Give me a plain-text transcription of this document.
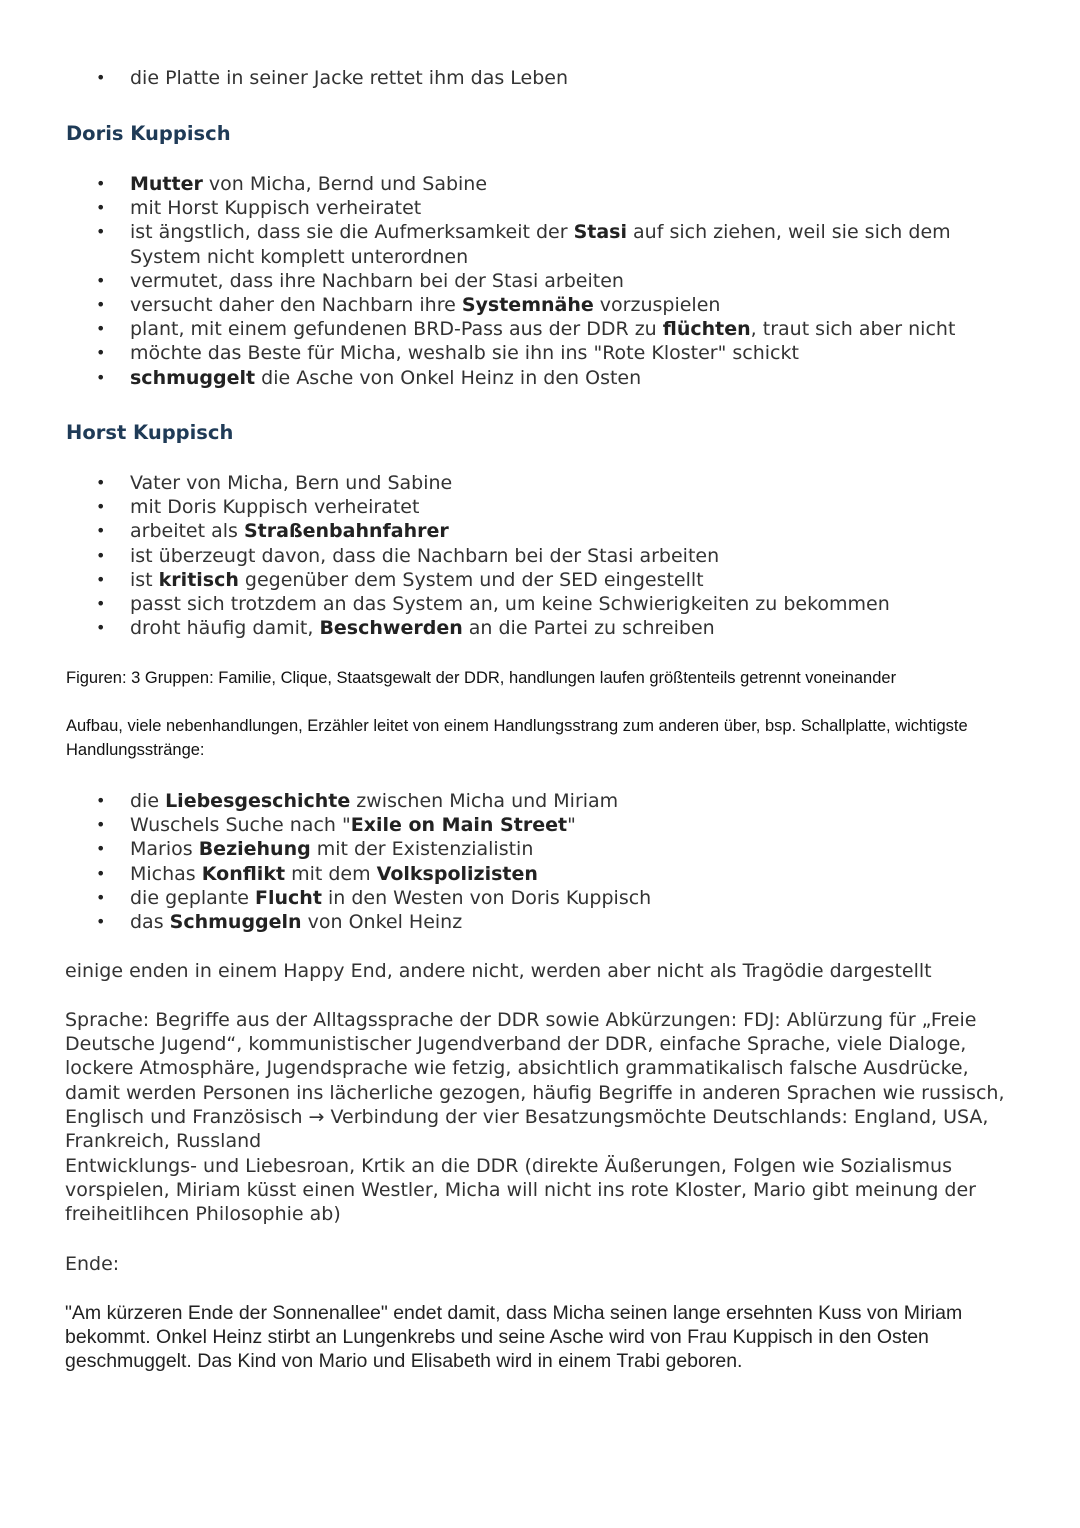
• die Platte in seiner Jacke rettet ihm das Leben
Doris Kuppisch
• Mutter von Micha, Bernd und Sabine
• mit Horst Kuppisch verheiratet
• ist ängstlich, dass sie die Aufmerksamkeit der Stasi auf sich ziehen, weil sie sich dem System nicht komplett unterordnen
• vermutet, dass ihre Nachbarn bei der Stasi arbeiten
• versucht daher den Nachbarn ihre Systemnähe vorzuspielen
• plant, mit einem gefundenen BRD-Pass aus der DDR zu flüchten, traut sich aber nicht
• möchte das Beste für Micha, weshalb sie ihn ins "Rote Kloster" schickt
• schmuggelt die Asche von Onkel Heinz in den Osten
Horst Kuppisch
• Vater von Micha, Bern und Sabine
• mit Doris Kuppisch verheiratet
• arbeitet als Straßenbahnfahrer
• ist überzeugt davon, dass die Nachbarn bei der Stasi arbeiten
• ist kritisch gegenüber dem System und der SED eingestellt
• passt sich trotzdem an das System an, um keine Schwierigkeiten zu bekommen
• droht häufig damit, Beschwerden an die Partei zu schreiben

Figuren: 3 Gruppen: Familie, Clique, Staatsgewalt der DDR, handlungen laufen größtenteils getrennt voneinander

Aufbau, viele nebenhandlungen, Erzähler leitet von einem Handlungsstrang zum anderen über, bsp. Schallplatte, wichtigste Handlungsstränge:

• die Liebesgeschichte zwischen Micha und Miriam
• Wuschels Suche nach "Exile on Main Street"
• Marios Beziehung mit der Existenzialistin
• Michas Konflikt mit dem Volkspolizisten
• die geplante Flucht in den Westen von Doris Kuppisch
• das Schmuggeln von Onkel Heinz

einige enden in einem Happy End, andere nicht, werden aber nicht als Tragödie dargestellt

Sprache: Begriffe aus der Alltagssprache der DDR sowie Abkürzungen: FDJ: Ablürzung für „Freie Deutsche Jugend“, kommunistischer Jugendverband der DDR, einfache Sprache, viele Dialoge, lockere Atmosphäre, Jugendsprache wie fetzig, absichtlich grammatikalisch falsche Ausdrücke, damit werden Personen ins lächerliche gezogen, häufig Begriffe in anderen Sprachen wie russisch, Englisch und Französisch → Verbindung der vier Besatzungsmöchte Deutschlands: England, USA, Frankreich, Russland

Entwicklungs- und Liebesroan, Krtik an die DDR (direkte Äußerungen, Folgen wie Sozialismus vorspielen, Miriam küsst einen Westler, Micha will nicht ins rote Kloster, Mario gibt meinung der freiheitlihcen Philosophie ab)

Ende:

"Am kürzeren Ende der Sonnenallee" endet damit, dass Micha seinen lange ersehnten Kuss von Miriam bekommt. Onkel Heinz stirbt an Lungenkrebs und seine Asche wird von Frau Kuppisch in den Osten geschmuggelt. Das Kind von Mario und Elisabeth wird in einem Trabi geboren.
